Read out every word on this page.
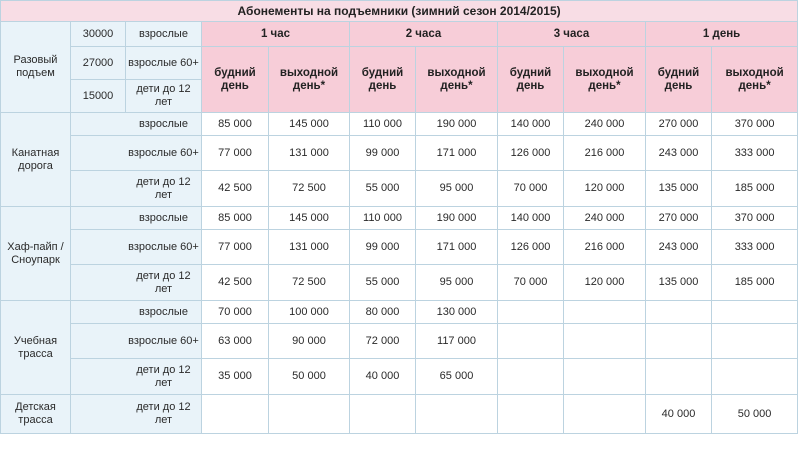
Абонементы на подъемники (зимний сезон 2014/2015)										
Разовый подъем	30000	взрослые	1 час		2 часа		3 часа		1 день	
	27000	взрослые 60+	будний день	выходной день*	будний день	выходной день*	будний день	выходной день*	будний день	выходной день*
	15000	дети до 12 лет								
Канатная дорога	взрослые		85 000	145 000	110 000	190 000	140 000	240 000	270 000	370 000
	взрослые 60+		77 000	131 000	99 000	171 000	126 000	216 000	243 000	333 000
	дети до 12 лет		42 500	72 500	55 000	95 000	70 000	120 000	135 000	185 000
Хаф-пайп / Сноупарк	взрослые		85 000	145 000	110 000	190 000	140 000	240 000	270 000	370 000
	взрослые 60+		77 000	131 000	99 000	171 000	126 000	216 000	243 000	333 000
	дети до 12 лет		42 500	72 500	55 000	95 000	70 000	120 000	135 000	185 000
Учебная трасса	взрослые		70 000	100 000	80 000	130 000				
	взрослые 60+		63 000	90 000	72 000	117 000				
	дети до 12 лет		35 000	50 000	40 000	65 000				
Детская трасса	дети до 12 лет								40 000	50 000
